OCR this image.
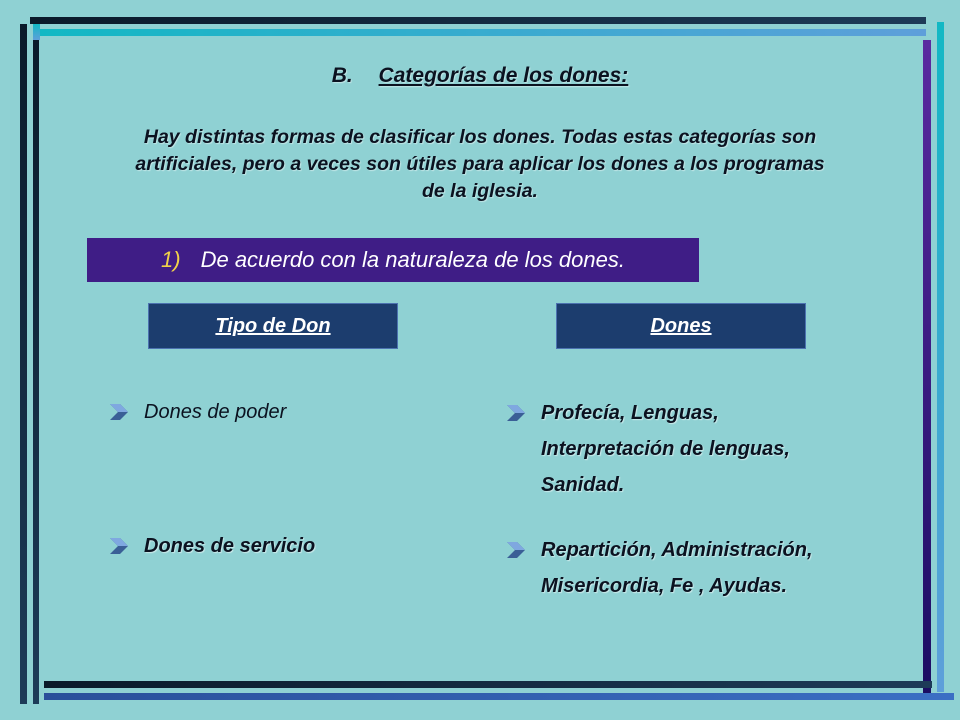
B. Categorías de los dones:
Hay distintas formas de clasificar los dones. Todas estas categorías son
artificiales, pero a veces son útiles para aplicar los dones a los programas
de la iglesia.
1) De acuerdo con la naturaleza de los dones.
Tipo de Don	Dones
Dones de poder	Profecía, Lenguas,
Interpretación de lenguas,
Sanidad.
Dones de servicio	Repartición, Administración,
Misericordia, Fe , Ayudas.
